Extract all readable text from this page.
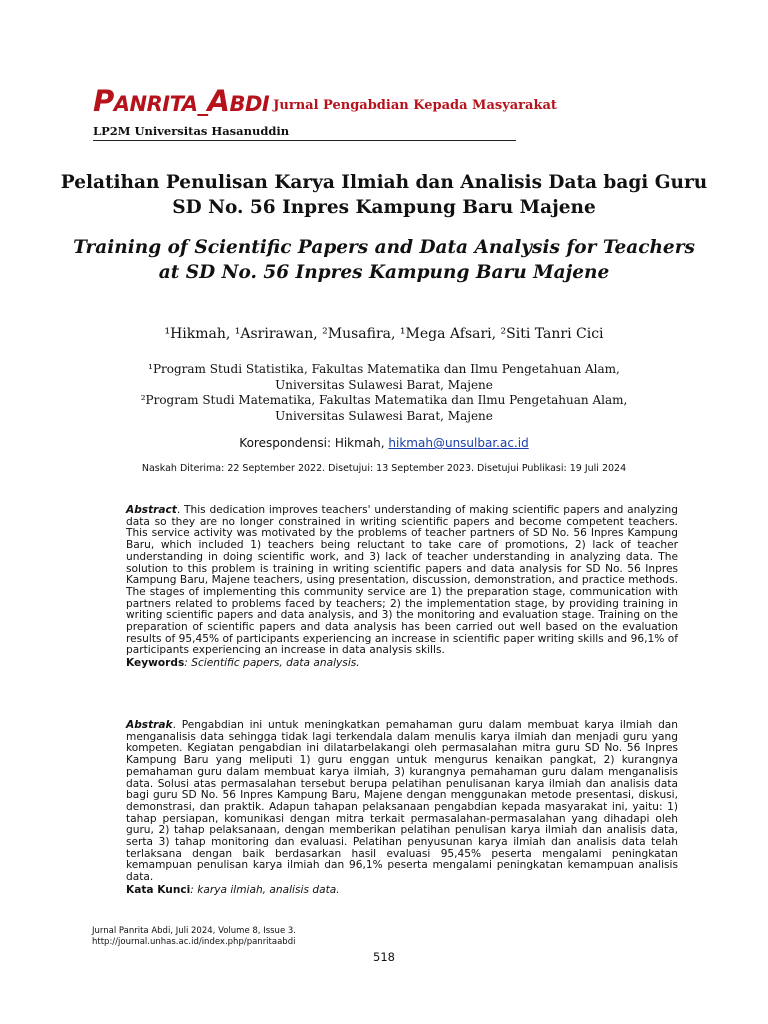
PANRITA_ABDI Jurnal Pengabdian Kepada Masyarakat
LP2M Universitas Hasanuddin
Pelatihan Penulisan Karya Ilmiah dan Analisis Data bagi Guru SD No. 56 Inpres Kampung Baru Majene
Training of Scientific Papers and Data Analysis for Teachers at SD No. 56 Inpres Kampung Baru Majene
¹Hikmah, ¹Asrirawan, ²Musafira, ¹Mega Afsari, ²Siti Tanri Cici
¹Program Studi Statistika, Fakultas Matematika dan Ilmu Pengetahuan Alam,
Universitas Sulawesi Barat, Majene
²Program Studi Matematika, Fakultas Matematika dan Ilmu Pengetahuan Alam,
Universitas Sulawesi Barat, Majene
Korespondensi: Hikmah, hikmah@unsulbar.ac.id
Naskah Diterima: 22 September 2022. Disetujui: 13 September 2023. Disetujui Publikasi: 19 Juli 2024
Abstract. This dedication improves teachers' understanding of making scientific papers and analyzing data so they are no longer constrained in writing scientific papers and become competent teachers. This service activity was motivated by the problems of teacher partners of SD No. 56 Inpres Kampung Baru, which included 1) teachers being reluctant to take care of promotions, 2) lack of teacher understanding in doing scientific work, and 3) lack of teacher understanding in analyzing data. The solution to this problem is training in writing scientific papers and data analysis for SD No. 56 Inpres Kampung Baru, Majene teachers, using presentation, discussion, demonstration, and practice methods. The stages of implementing this community service are 1) the preparation stage, communication with partners related to problems faced by teachers; 2) the implementation stage, by providing training in writing scientific papers and data analysis, and 3) the monitoring and evaluation stage. Training on the preparation of scientific papers and data analysis has been carried out well based on the evaluation results of 95,45% of participants experiencing an increase in scientific paper writing skills and 96,1% of participants experiencing an increase in data analysis skills.
Keywords: Scientific papers, data analysis.
Abstrak. Pengabdian ini untuk meningkatkan pemahaman guru dalam membuat karya ilmiah dan menganalisis data sehingga tidak lagi terkendala dalam menulis karya ilmiah dan menjadi guru yang kompeten. Kegiatan pengabdian ini dilatarbelakangi oleh permasalahan mitra guru SD No. 56 Inpres Kampung Baru yang meliputi 1) guru enggan untuk mengurus kenaikan pangkat, 2) kurangnya pemahaman guru dalam membuat karya ilmiah, 3) kurangnya pemahaman guru dalam menganalisis data. Solusi atas permasalahan tersebut berupa pelatihan penulisanan karya ilmiah dan analisis data bagi guru SD No. 56 Inpres Kampung Baru, Majene dengan menggunakan metode presentasi, diskusi, demonstrasi, dan praktik. Adapun tahapan pelaksanaan pengabdian kepada masyarakat ini, yaitu: 1) tahap persiapan, komunikasi dengan mitra terkait permasalahan-permasalahan yang dihadapi oleh guru, 2) tahap pelaksanaan, dengan memberikan pelatihan penulisan karya ilmiah dan analisis data, serta 3) tahap monitoring dan evaluasi. Pelatihan penyusunan karya ilmiah dan analisis data telah terlaksana dengan baik berdasarkan hasil evaluasi 95,45% peserta mengalami peningkatan kemampuan penulisan karya ilmiah dan 96,1% peserta mengalami peningkatan kemampuan analisis data.
Kata Kunci: karya ilmiah, analisis data.
Jurnal Panrita Abdi, Juli 2024, Volume 8, Issue 3.
http://journal.unhas.ac.id/index.php/panritaabdi
518
